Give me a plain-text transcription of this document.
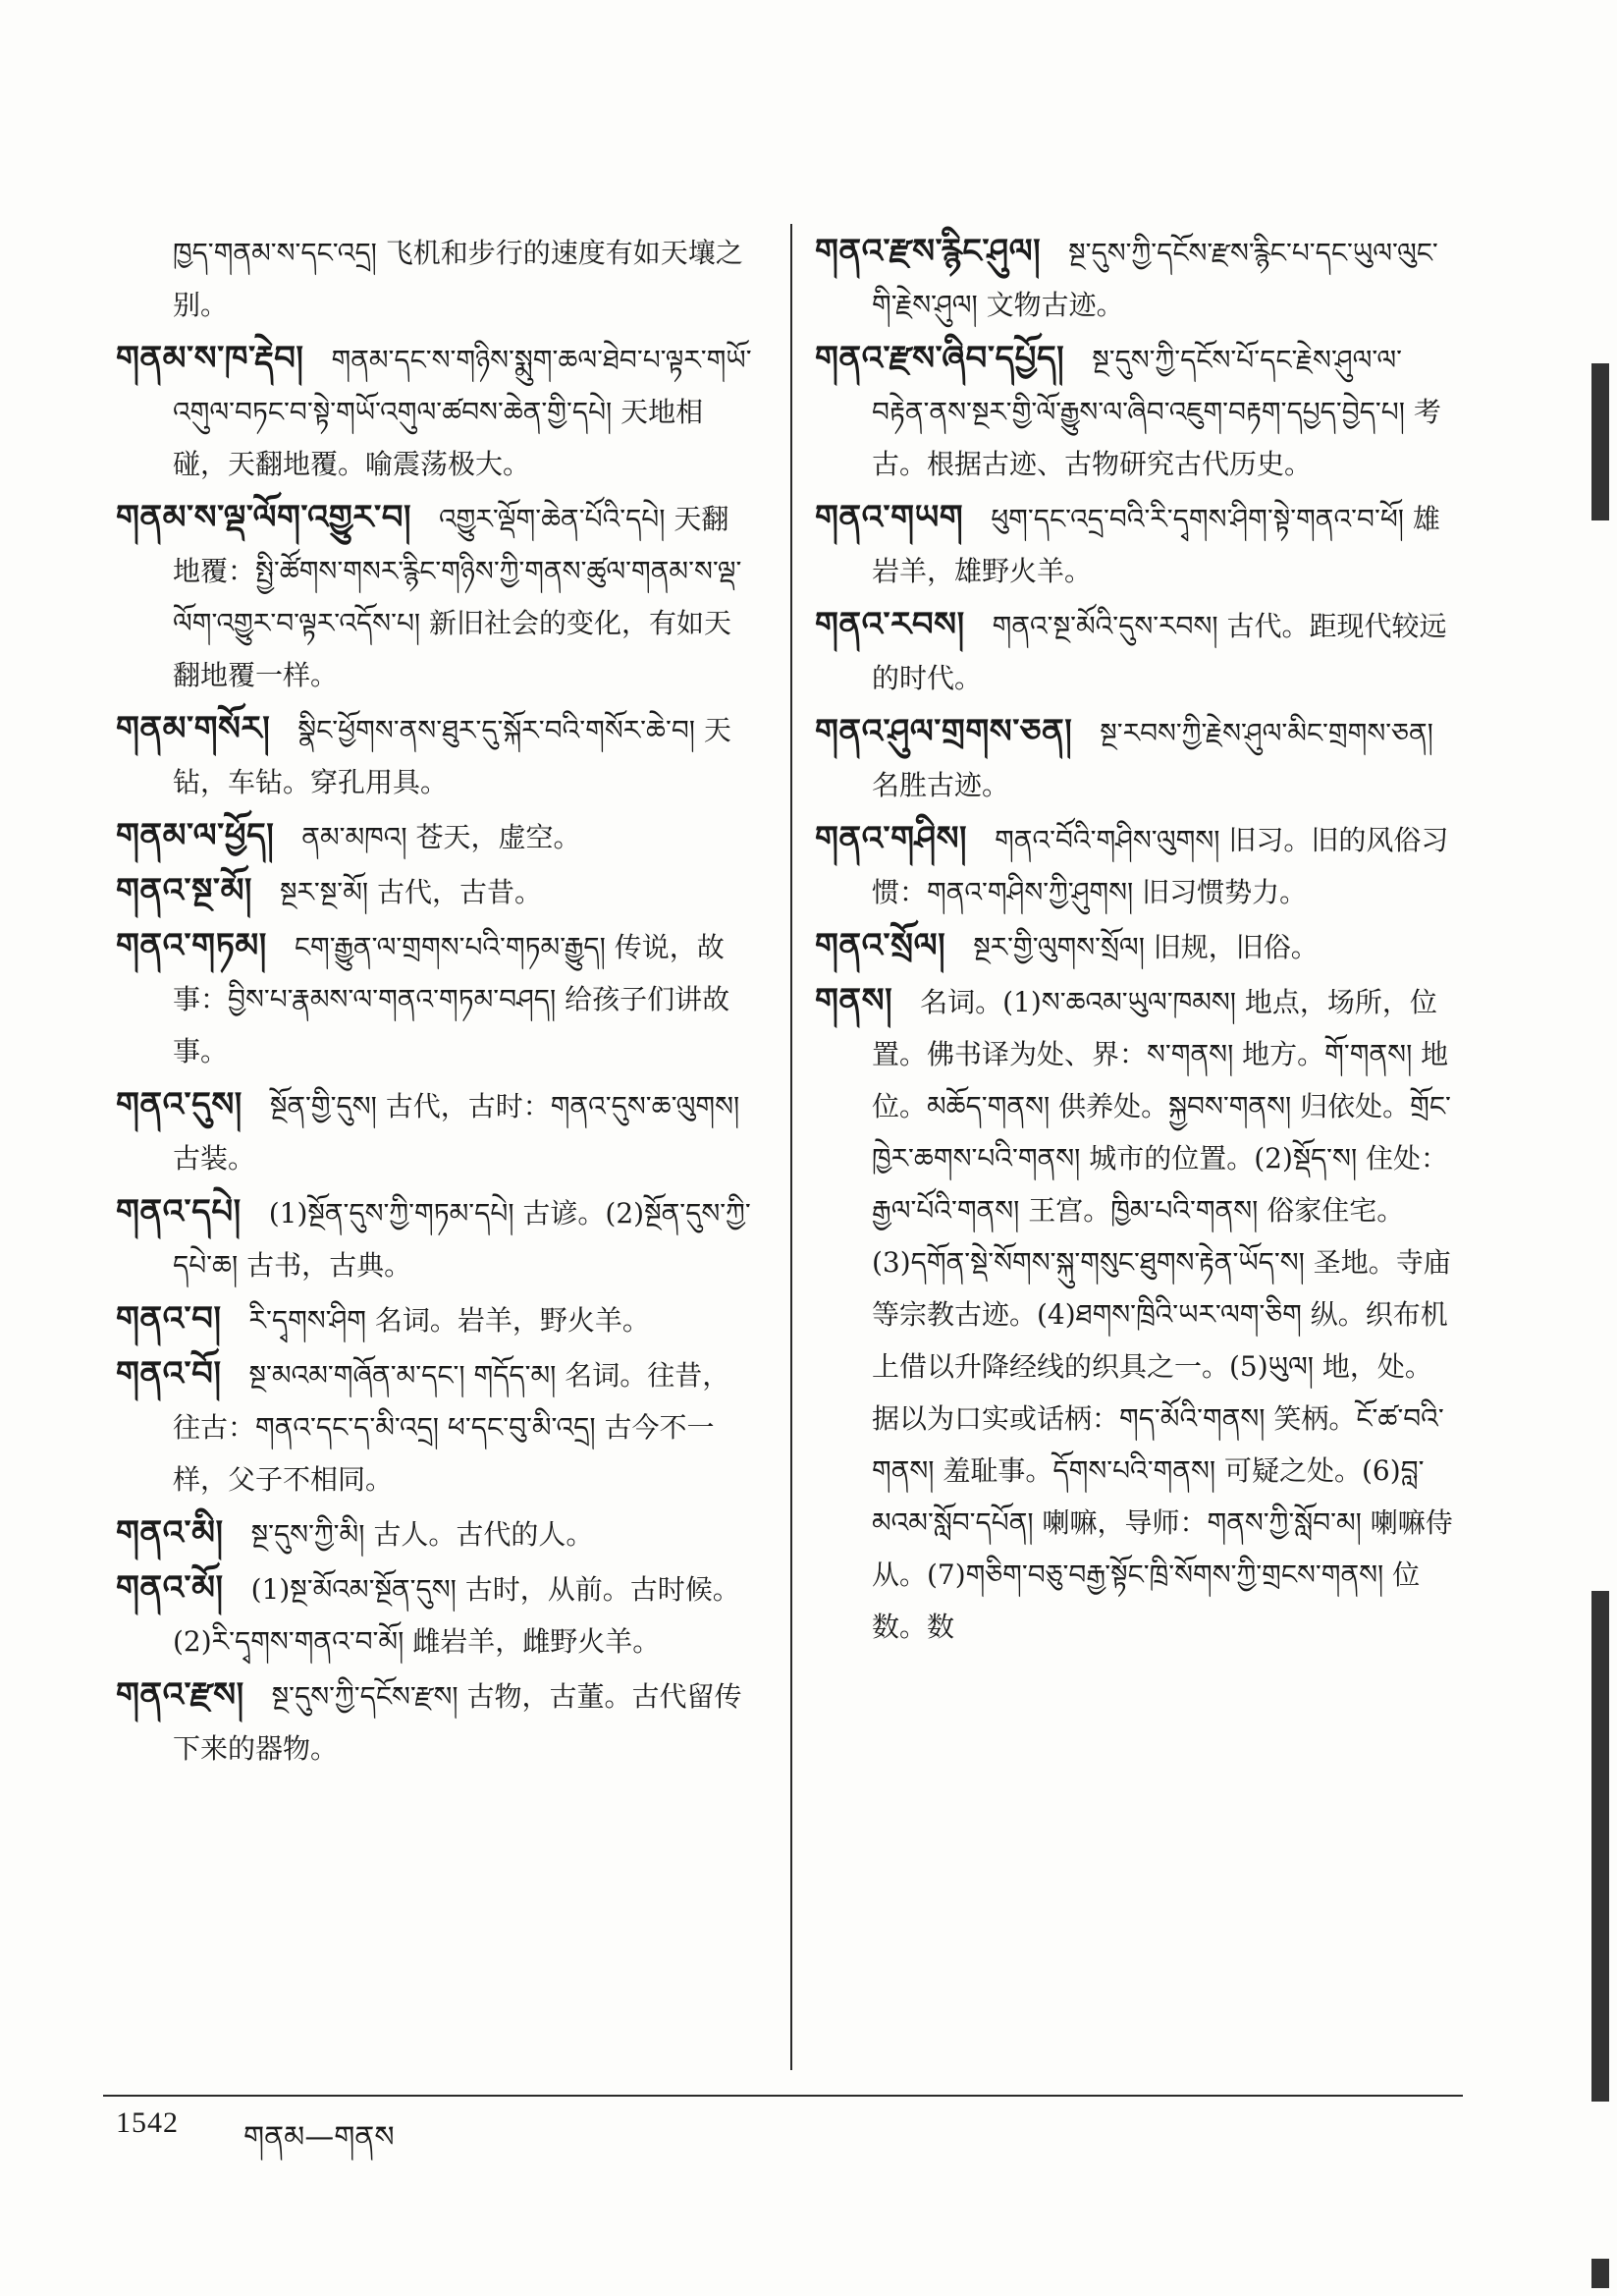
ཁྱད་གནམ་ས་དང་འདྲ། 飞机和步行的速度有如天壤之别。
གནམ་ས་ཁ་རྡེབ།  གནམ་དང་ས་གཉིས་སྨུག་ཆལ་ཐེབ་པ་ལྟར་གཡོ་འགུལ་བཏང་བ་སྟེ་གཡོ་འགུལ་ཚབས་ཆེན་གྱི་དཔེ། 天地相碰，天翻地覆。喻震荡极大。
གནམ་ས་ལྡ་ལོག་འགྱུར་བ།  འགྱུར་ལྡོག་ཆེན་པོའི་དཔེ། 天翻地覆：སྤྱི་ཚོགས་གསར་རྙིང་གཉིས་ཀྱི་གནས་ཚུལ་གནམ་ས་ལྡ་ལོག་འགྱུར་བ་ལྟར་འདོས་པ། 新旧社会的变化，有如天翻地覆一样。
གནམ་གསོར།  སྣིང་ཕྱོགས་ནས་ཐུར་དུ་སྐོར་བའི་གསོར་ཆེ་བ། 天钻，车钻。穿孔用具。
གནམ་ལ་ཕྱོད།  ནམ་མཁའ། 苍天，虚空。
གནའ་སྔ་མོ།  སྔར་སྔ་མོ། 古代，古昔。
གནའ་གཏམ།  ངག་རྒྱུན་ལ་གྲགས་པའི་གཏམ་རྒྱུད། 传说，故事：བྱིས་པ་རྣམས་ལ་གནའ་གཏམ་བཤད། 给孩子们讲故事。
གནའ་དུས།  སྔོན་གྱི་དུས། 古代，古时：གནའ་དུས་ཆ་ལུགས། 古装。
གནའ་དཔེ།  (1)སྔོན་དུས་ཀྱི་གཏམ་དཔེ། 古谚。(2)སྔོན་དུས་ཀྱི་དཔེ་ཆ། 古书，古典。
གནའ་བ།  རི་དྭགས་ཤིག 名词。岩羊，野火羊。
གནའ་བོ།  སྔ་མའམ་གཞོན་མ་དང་། གདོད་མ། 名词。往昔，往古：གནའ་དང་ད་མི་འདྲ། ཕ་དང་བུ་མི་འདྲ། 古今不一样，父子不相同。
གནའ་མི།  སྔ་དུས་ཀྱི་མི། 古人。古代的人。
གནའ་མོ།  (1)སྔ་མོའམ་སྔོན་དུས། 古时，从前。古时候。(2)རི་དྭགས་གནའ་བ་མོ། 雌岩羊，雌野火羊。
གནའ་རྫས།  སྔ་དུས་ཀྱི་དངོས་རྫས། 古物，古董。古代留传下来的器物。
གནའ་རྫས་རྙིང་ཤུལ།  སྔ་དུས་ཀྱི་དངོས་རྫས་རྙིང་པ་དང་ཡུལ་ལུང་གི་རྗེས་ཤུལ། 文物古迹。
གནའ་རྫས་ཞིབ་དཔྱོད།  སྔ་དུས་ཀྱི་དངོས་པོ་དང་རྗེས་ཤུལ་ལ་བརྟེན་ནས་སྔར་གྱི་ལོ་རྒྱུས་ལ་ཞིབ་འཇུག་བརྟག་དཔྱད་བྱེད་པ། 考古。根据古迹、古物研究古代历史。
གནའ་གཡག  ཕུག་དང་འདྲ་བའི་རི་དྭགས་ཤིག་སྟེ་གནའ་བ་ཕོ། 雄岩羊，雄野火羊。
གནའ་རབས།  གནའ་སྔ་མོའི་དུས་རབས། 古代。距现代较远的时代。
གནའ་ཤུལ་གྲགས་ཅན།  སྔ་རབས་ཀྱི་རྗེས་ཤུལ་མིང་གྲགས་ཅན། 名胜古迹。
གནའ་གཤིས།  གནའ་བོའི་གཤིས་ལུགས། 旧习。旧的风俗习惯：གནའ་གཤིས་ཀྱི་ཤུགས། 旧习惯势力。
གནའ་སྲོལ།  སྔར་གྱི་ལུགས་སྲོལ། 旧规，旧俗。
གནས།  名词。(1)ས་ཆའམ་ཡུལ་ཁམས། 地点，场所，位置。佛书译为处、界：ས་གནས། 地方。གོ་གནས། 地位。མཆོད་གནས། 供养处。སྐྱབས་གནས། 归依处。གྲོང་ཁྱེར་ཆགས་པའི་གནས། 城市的位置。(2)སྡོད་ས། 住处：རྒྱལ་པོའི་གནས། 王宫。ཁྱིམ་པའི་གནས། 俗家住宅。(3)དགོན་སྡེ་སོགས་སྐུ་གསུང་ཐུགས་རྟེན་ཡོད་ས། 圣地。寺庙等宗教古迹。(4)ཐགས་ཁྲིའི་ཡར་ལག་ཅིག 纵。织布机上借以升降经线的织具之一。(5)ཡུལ། 地，处。据以为口实或话柄：གད་མོའི་གནས། 笑柄。ངོ་ཚ་བའི་གནས། 羞耻事。དོགས་པའི་གནས། 可疑之处。(6)བླ་མའམ་སློབ་དཔོན། 喇嘛，导师：གནས་ཀྱི་སློབ་མ། 喇嘛侍从。(7)གཅིག་བཅུ་བརྒྱ་སྟོང་ཁྲི་སོགས་ཀྱི་གྲངས་གནས། 位数。数
1542 གནམ—གནས
